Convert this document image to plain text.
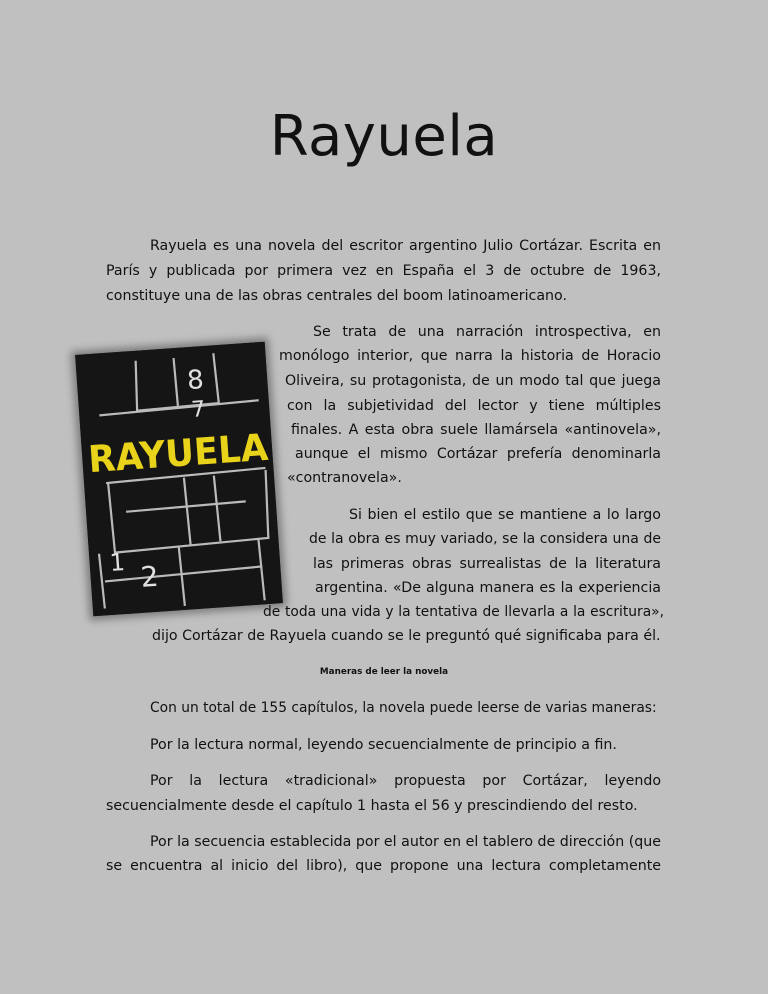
Rayuela
8
7
2
1
RAYUELA
Rayuela es una novela del escritor argentino Julio Cortázar. Escrita en
París y publicada por primera vez en España el 3 de octubre de 1963,
constituye una de las obras centrales del boom latinoamericano.
Se trata de una narración introspectiva, en
monólogo interior, que narra la historia de Horacio
Oliveira, su protagonista, de un modo tal que juega
con la subjetividad del lector y tiene múltiples
finales. A esta obra suele llamársela «antinovela»,
aunque el mismo Cortázar prefería denominarla
«contranovela».
Si bien el estilo que se mantiene a lo largo
de la obra es muy variado, se la considera una de
las primeras obras surrealistas de la literatura
argentina. «De alguna manera es la experiencia
de toda una vida y la tentativa de llevarla a la escritura»,
dijo Cortázar de Rayuela cuando se le preguntó qué significaba para él.
Maneras de leer la novela
Con un total de 155 capítulos, la novela puede leerse de varias maneras:
Por la lectura normal, leyendo secuencialmente de principio a fin.
Por la lectura «tradicional» propuesta por Cortázar, leyendo
secuencialmente desde el capítulo 1 hasta el 56 y prescindiendo del resto.
Por la secuencia establecida por el autor en el tablero de dirección (que
se encuentra al inicio del libro), que propone una lectura completamente
